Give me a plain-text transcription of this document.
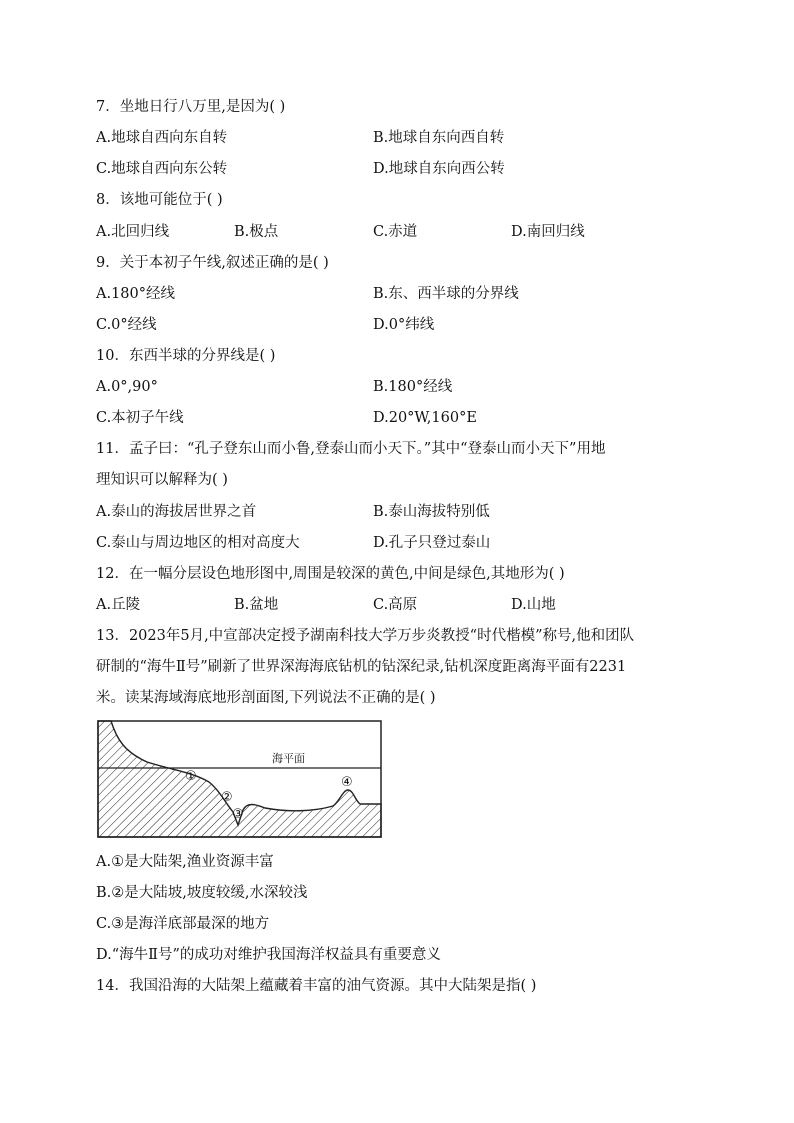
7．坐地日行八万里,是因为( )
A.地球自西向东自转	B.地球自东向西自转
C.地球自西向东公转	D.地球自东向西公转
8．该地可能位于( )
A.北回归线	B.极点	C.赤道	D.南回归线
9．关于本初子午线,叙述正确的是( )
A.180°经线	B.东、西半球的分界线
C.0°经线	D.0°纬线
10．东西半球的分界线是( )
A.0°,90°	B.180°经线
C.本初子午线	D.20°W,160°E
11．孟子曰：“孔子登东山而小鲁,登泰山而小天下。”其中“登泰山而小天下”用地
理知识可以解释为( )
A.泰山的海拔居世界之首	B.泰山海拔特别低
C.泰山与周边地区的相对高度大	D.孔子只登过泰山
12．在一幅分层设色地形图中,周围是较深的黄色,中间是绿色,其地形为( )
A.丘陵	B.盆地	C.高原	D.山地
13．2023年5月,中宣部决定授予湖南科技大学万步炎教授“时代楷模”称号,他和团队
研制的“海牛Ⅱ号”刷新了世界深海海底钻机的钻深纪录,钻机深度距离海平面有2231
米。读某海域海底地形剖面图,下列说法不正确的是( )
海平面
①
②
③
④
A.①是大陆架,渔业资源丰富
B.②是大陆坡,坡度较缓,水深较浅
C.③是海洋底部最深的地方
D.“海牛Ⅱ号”的成功对维护我国海洋权益具有重要意义
14．我国沿海的大陆架上蕴藏着丰富的油气资源。其中大陆架是指( )
